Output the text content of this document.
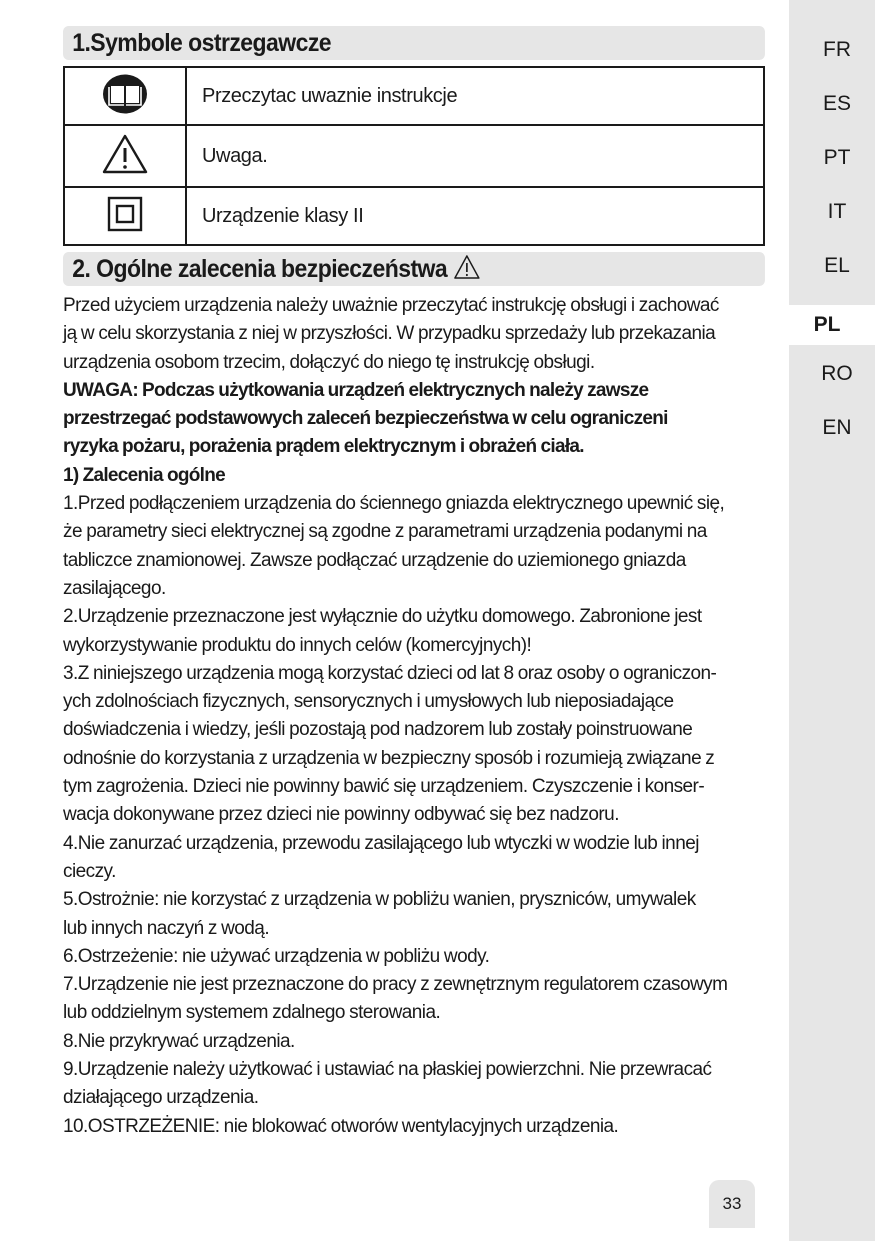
1.Symbole ostrzegawcze
	Przeczytac uwaznie instrukcje
	Uwaga.
	Urządzenie klasy II
2. Ogólne zalecenia bezpieczeństwa

Przed użyciem urządzenia należy uważnie przeczytać instrukcję obsługi i zachować

ją w celu skorzystania z niej w przyszłości. W przypadku sprzedaży lub przekazania

urządzenia osobom trzecim, dołączyć do niego tę instrukcję obsługi.

UWAGA: Podczas użytkowania urządzeń elektrycznych należy zawsze

przestrzegać podstawowych zaleceń bezpieczeństwa w celu ograniczeni

ryzyka pożaru, porażenia prądem elektrycznym i obrażeń ciała.

1) Zalecenia ogólne

1.Przed podłączeniem urządzenia do ściennego gniazda elektrycznego upewnić się,

że parametry sieci elektrycznej są zgodne z parametrami urządzenia podanymi na

tabliczce znamionowej. Zawsze podłączać urządzenie do uziemionego gniazda

zasilającego.

2.Urządzenie przeznaczone jest wyłącznie do użytku domowego. Zabronione jest

wykorzystywanie produktu do innych celów (komercyjnych)!

3.Z niniejszego urządzenia mogą korzystać dzieci od lat 8 oraz osoby o ograniczon-

ych zdolnościach fizycznych, sensorycznych i umysłowych lub nieposiadające

doświadczenia i wiedzy, jeśli pozostają pod nadzorem lub zostały poinstruowane

odnośnie do korzystania z urządzenia w bezpieczny sposób i rozumieją związane z

tym zagrożenia. Dzieci nie powinny bawić się urządzeniem. Czyszczenie i konser-

wacja dokonywane przez dzieci nie powinny odbywać się bez nadzoru.

4.Nie zanurzać urządzenia, przewodu zasilającego lub wtyczki w wodzie lub innej

cieczy.

5.Ostrożnie: nie korzystać z urządzenia w pobliżu wanien, pryszniców, umywalek

lub innych naczyń z wodą.

6.Ostrzeżenie: nie używać urządzenia w pobliżu wody.

7.Urządzenie nie jest przeznaczone do pracy z zewnętrznym regulatorem czasowym

lub oddzielnym systemem zdalnego sterowania.

8.Nie przykrywać urządzenia.

9.Urządzenie należy użytkować i ustawiać na płaskiej powierzchni. Nie przewracać

działającego urządzenia.

10.OSTRZEŻENIE: nie blokować otworów wentylacyjnych urządzenia.

FR
ES
PT
IT
EL
PL
RO
EN
33
